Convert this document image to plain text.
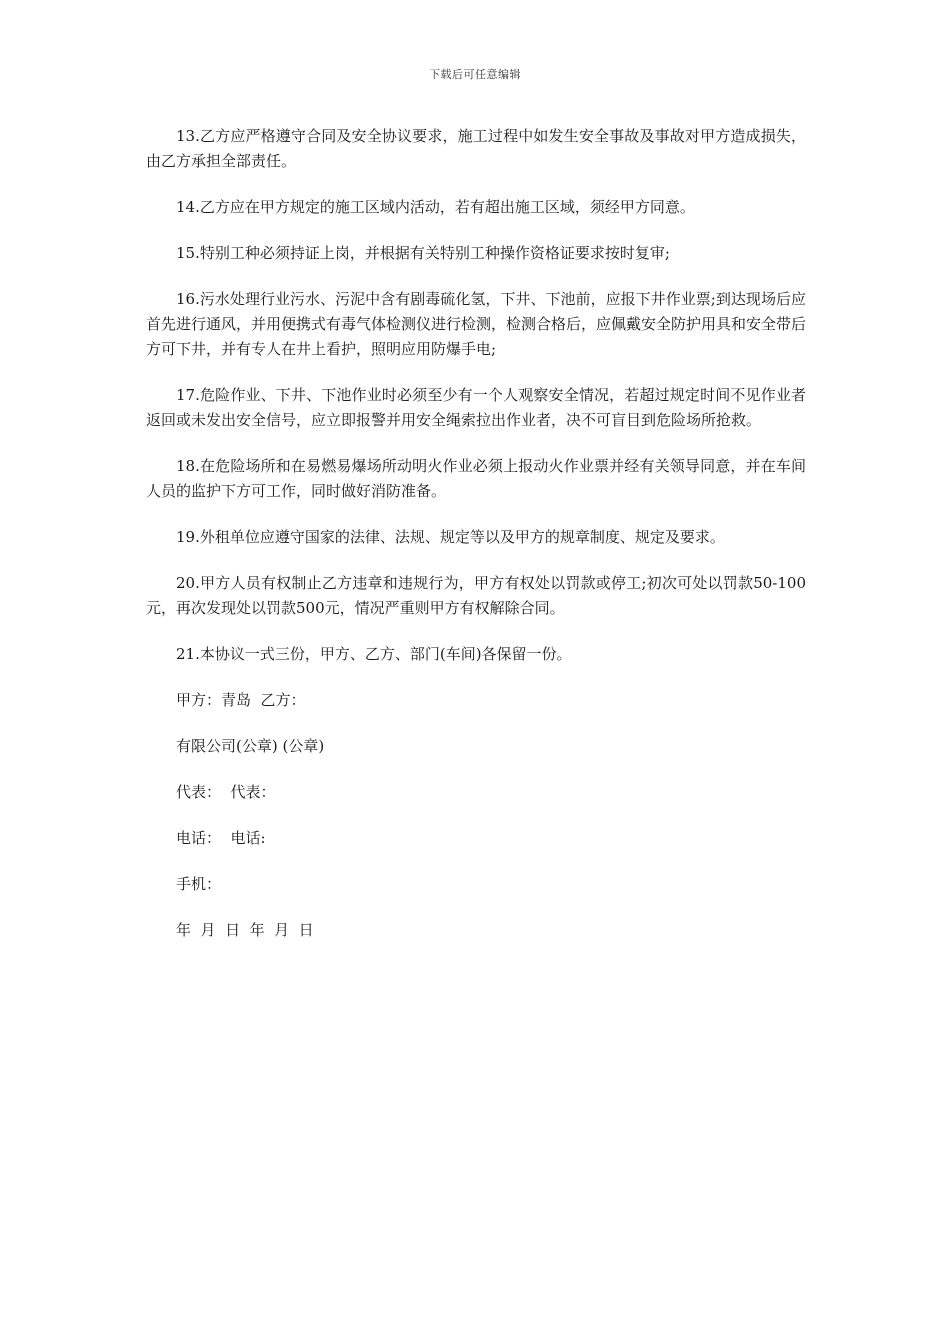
下载后可任意编辑

13.乙方应严格遵守合同及安全协议要求，施工过程中如发生安全事故及事故对甲方造成损失，由乙方承担全部责任。

14.乙方应在甲方规定的施工区域内活动，若有超出施工区域，须经甲方同意。

15.特别工种必须持证上岗，并根据有关特别工种操作资格证要求按时复审;

16.污水处理行业污水、污泥中含有剧毒硫化氢，下井、下池前，应报下井作业票;到达现场后应首先进行通风，并用便携式有毒气体检测仪进行检测，检测合格后，应佩戴安全防护用具和安全带后方可下井，并有专人在井上看护，照明应用防爆手电;

17.危险作业、下井、下池作业时必须至少有一个人观察安全情况，若超过规定时间不见作业者返回或未发出安全信号，应立即报警并用安全绳索拉出作业者，决不可盲目到危险场所抢救。

18.在危险场所和在易燃易爆场所动明火作业必须上报动火作业票并经有关领导同意，并在车间人员的监护下方可工作，同时做好消防准备。

19.外租单位应遵守国家的法律、法规、规定等以及甲方的规章制度、规定及要求。

20.甲方人员有权制止乙方违章和违规行为，甲方有权处以罚款或停工;初次可处以罚款50-100元，再次发现处以罚款500元，情况严重则甲方有权解除合同。

21.本协议一式三份，甲方、乙方、部门(车间)各保留一份。

甲方：青岛  乙方：

有限公司(公章) (公章)

代表：  代表：

电话：  电话:

手机：

年  月  日  年  月  日
